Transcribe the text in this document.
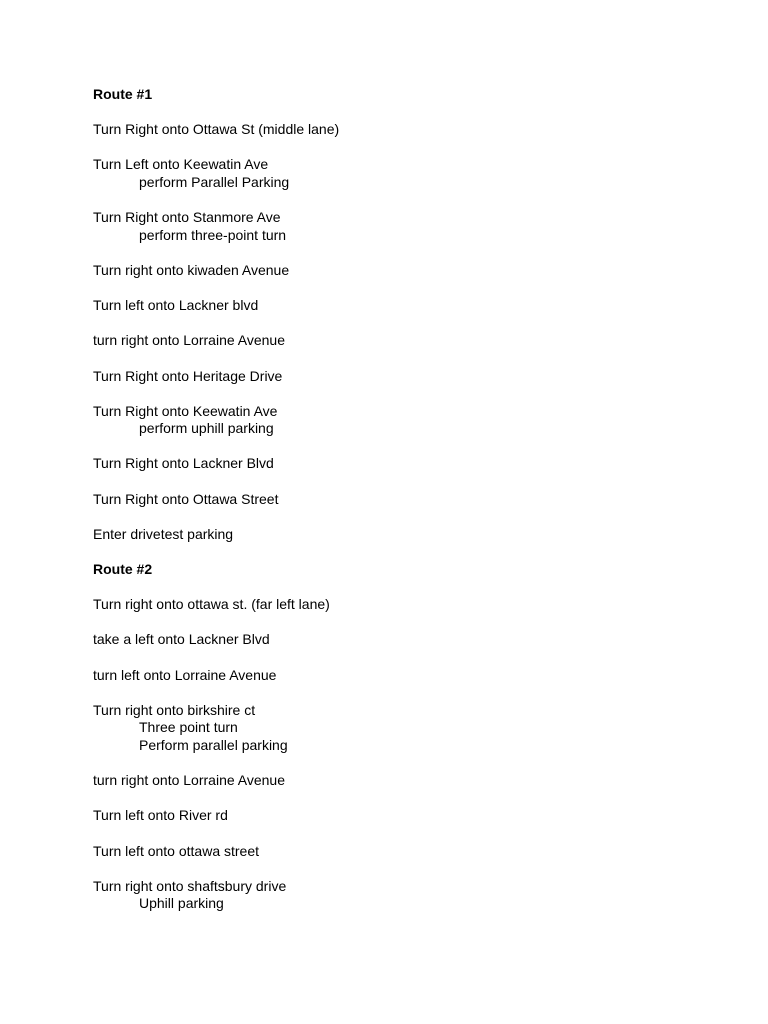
Route #1
Turn Right onto Ottawa St (middle lane)
Turn Left onto Keewatin Ave
perform Parallel Parking
Turn Right onto Stanmore Ave
perform three-point turn
Turn right onto kiwaden Avenue
Turn left onto Lackner blvd
turn right onto Lorraine Avenue
Turn Right onto Heritage Drive
Turn Right onto Keewatin Ave
perform uphill parking
Turn Right onto Lackner Blvd
Turn Right onto Ottawa Street
Enter drivetest parking
Route #2
Turn right onto ottawa st. (far left lane)
take a left onto Lackner Blvd
turn left onto Lorraine Avenue
Turn right onto birkshire ct
Three point turn
Perform parallel parking
turn right onto Lorraine Avenue
Turn left onto River rd
Turn left onto ottawa street
Turn right onto shaftsbury drive
Uphill parking
